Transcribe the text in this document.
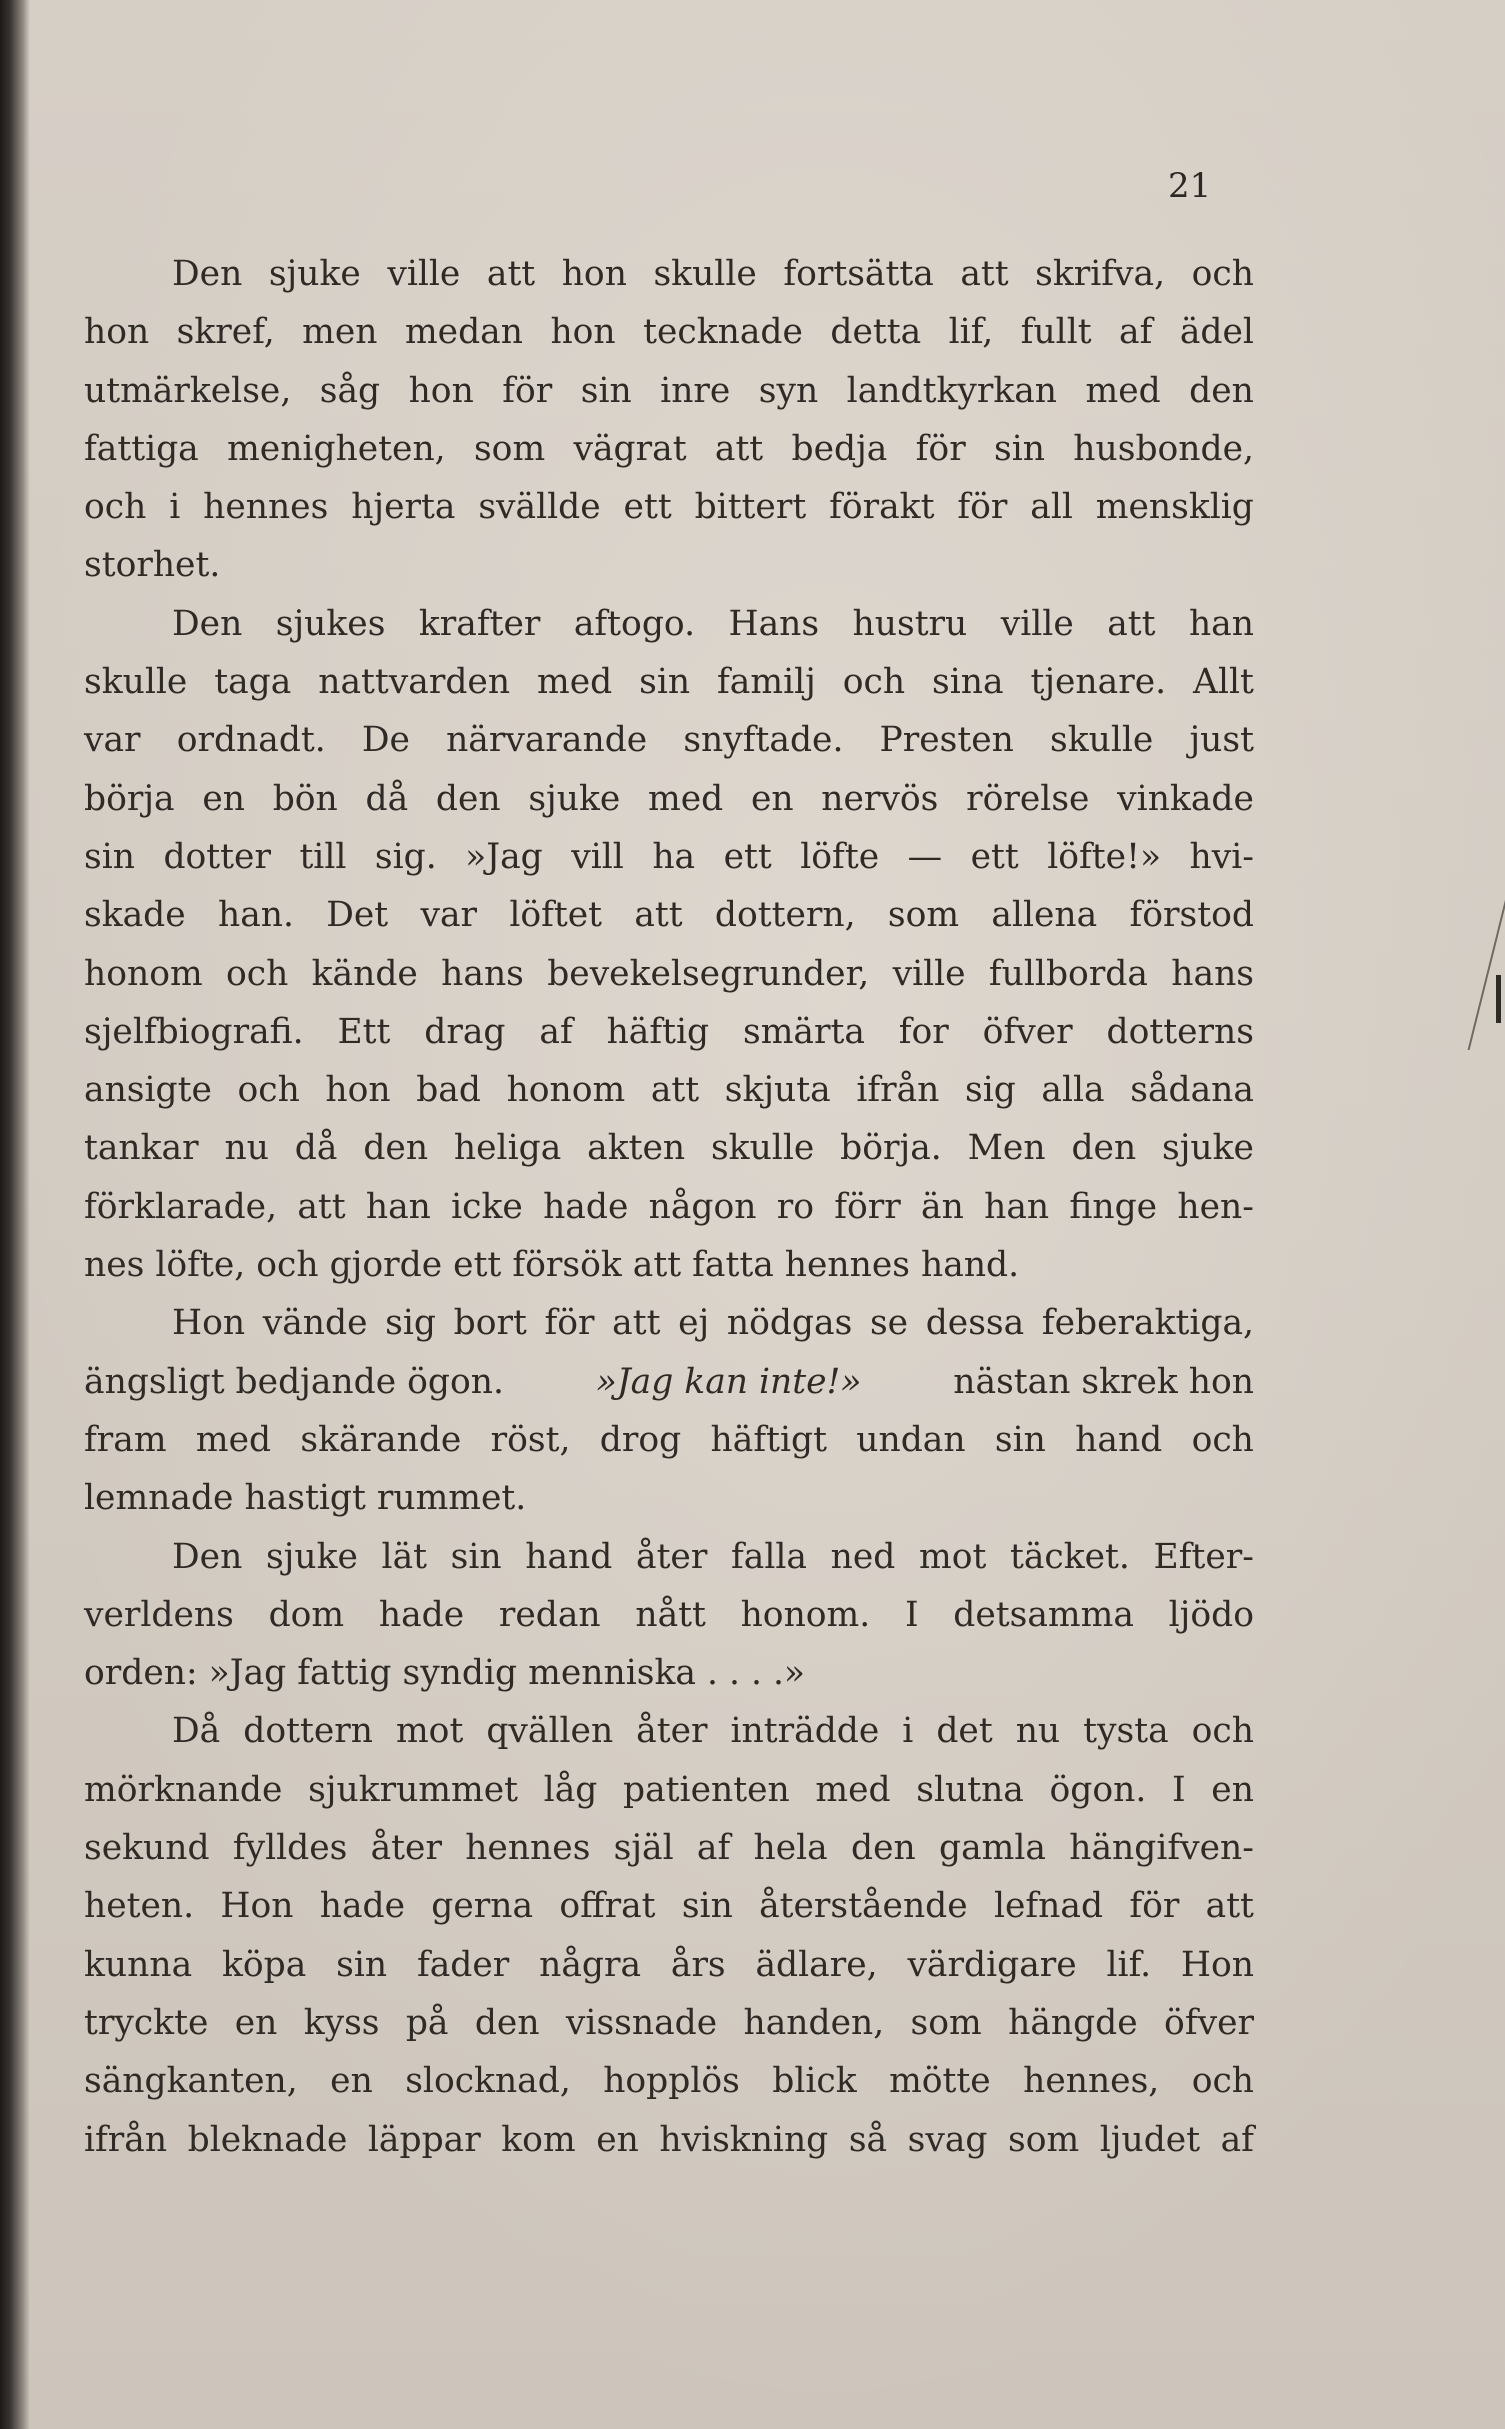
21
Den sjuke ville att hon skulle fortsätta att skrifva, och
hon skref, men medan hon tecknade detta lif, fullt af ädel
utmärkelse, såg hon för sin inre syn landtkyrkan med den
fattiga menigheten, som vägrat att bedja för sin husbonde,
och i hennes hjerta svällde ett bittert förakt för all mensklig
storhet.
Den sjukes krafter aftogo. Hans hustru ville att han
skulle taga nattvarden med sin familj och sina tjenare. Allt
var ordnadt. De närvarande snyftade. Presten skulle just
börja en bön då den sjuke med en nervös rörelse vinkade
sin dotter till sig. »Jag vill ha ett löfte — ett löfte!» hvi-
skade han. Det var löftet att dottern, som allena förstod
honom och kände hans bevekelsegrunder, ville fullborda hans
sjelfbiografi. Ett drag af häftig smärta for öfver dotterns
ansigte och hon bad honom att skjuta ifrån sig alla sådana
tankar nu då den heliga akten skulle börja. Men den sjuke
förklarade, att han icke hade någon ro förr än han finge hen-
nes löfte, och gjorde ett försök att fatta hennes hand.
Hon vände sig bort för att ej nödgas se dessa feberaktiga,
ängsligt bedjande ögon.	»Jag kan inte!»	nästan skrek hon
fram med skärande röst, drog häftigt undan sin hand och
lemnade hastigt rummet.
Den sjuke lät sin hand åter falla ned mot täcket. Efter-
verldens dom hade redan nått honom. I detsamma ljödo
orden: »Jag fattig syndig menniska . . . .»
Då dottern mot qvällen åter inträdde i det nu tysta och
mörknande sjukrummet låg patienten med slutna ögon. I en
sekund fylldes åter hennes själ af hela den gamla hängifven-
heten. Hon hade gerna offrat sin återstående lefnad för att
kunna köpa sin fader några års ädlare, värdigare lif. Hon
tryckte en kyss på den vissnade handen, som hängde öfver
sängkanten, en slocknad, hopplös blick mötte hennes, och
ifrån bleknade läppar kom en hviskning så svag som ljudet af
